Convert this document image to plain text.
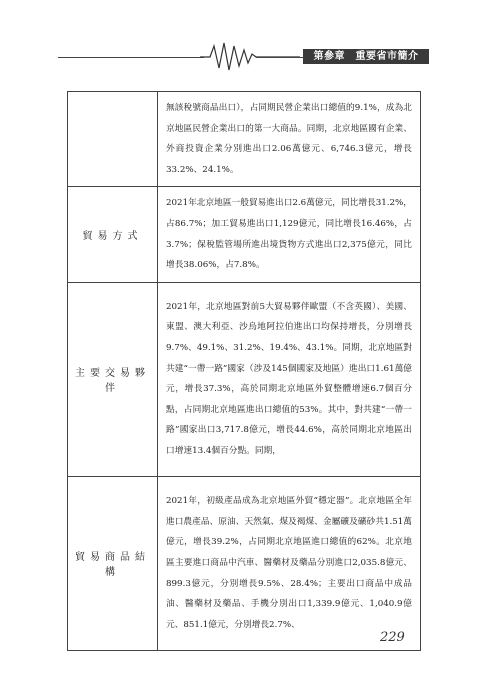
第參章　重要省市簡介
	無該稅號商品出口），占同期民營企業出口總值的9.1%，成為北京地區民營企業出口的第一大商品。同期，北京地區國有企業、外商投資企業分別進出口2.06萬億元、6,746.3億元，增長33.2%、24.1%。
貿易方式	2021年北京地區一般貿易進出口2.6萬億元，同比增長31.2%，占86.7%；加工貿易進出口1,129億元，同比增長16.46%，占3.7%；保稅監管場所進出境貨物方式進出口2,375億元，同比增長38.06%，占7.8%。
主要交易夥伴	2021年，北京地區對前5大貿易夥伴歐盟（不含英國）、美國、東盟、澳大利亞、沙烏地阿拉伯進出口均保持增長，分別增長9.7%、49.1%、31.2%、19.4%、43.1%。同期，北京地區對共建“一帶一路”國家（涉及145個國家及地區）進出口1.61萬億元，增長37.3%，高於同期北京地區外貿整體增速6.7個百分點，占同期北京地區進出口總值的53%。其中，對共建“一帶一路”國家出口3,717.8億元，增長44.6%，高於同期北京地區出口增速13.4個百分點。同期，
貿易商品結構	2021年，初級產品成為北京地區外貿“穩定器”。北京地區全年進口農產品、原油、天然氣、煤及褐煤、金屬礦及礦砂共1.51萬億元，增長39.2%，占同期北京地區進口總值的62%。北京地區主要進口商品中汽車、醫藥材及藥品分別進口2,035.8億元、899.3億元，分別增長9.5%、28.4%；主要出口商品中成品油、醫藥材及藥品、手機分別出口1,339.9億元、1,040.9億元、851.1億元，分別增長2.7%、
229
